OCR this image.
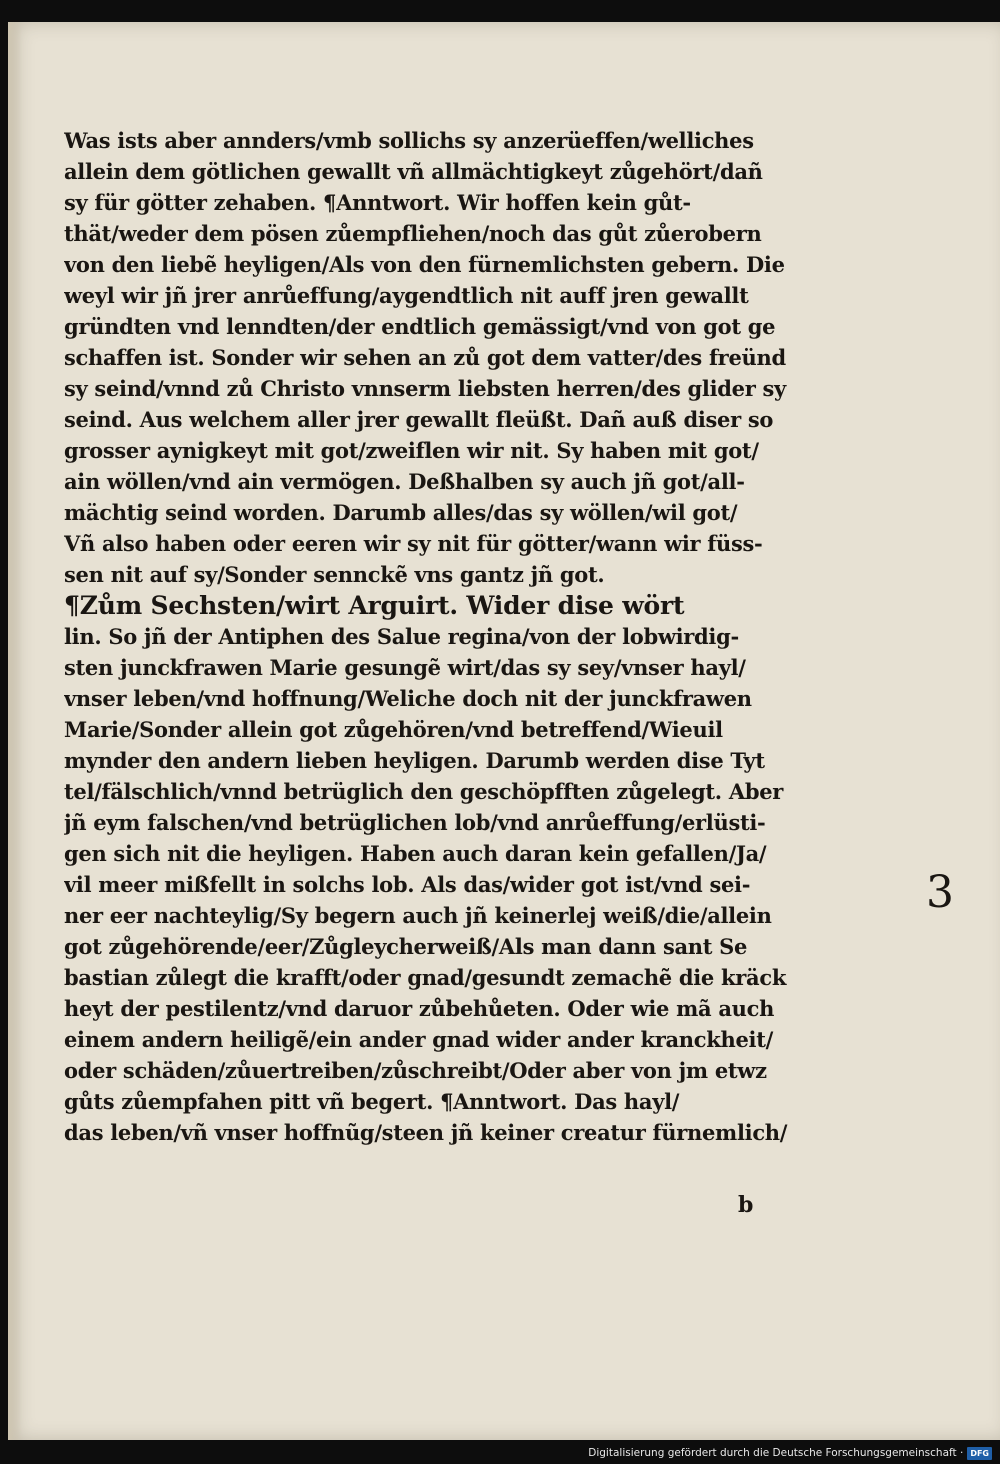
Was ists aber annders/vmb sollichs sy anzerüeffen/welliches
allein dem götlichen gewallt vñ allmächtigkeyt zůgehört/dañ
sy für götter zehaben. ¶Anntwort. Wir hoffen kein gůt-
thät/weder dem pösen zůempfliehen/noch das gůt zůerobern
von den liebẽ heyligen/Als von den fürnemlichsten gebern. Die
weyl wir jñ jrer anrůeffung/aygendtlich nit auff jren gewallt
gründten vnd lenndten/der endtlich gemässigt/vnd von got ge
schaffen ist. Sonder wir sehen an zů got dem vatter/des freünd
sy seind/vnnd zů Christo vnnserm liebsten herren/des glider sy
seind. Aus welchem aller jrer gewallt fleüßt. Dañ auß diser so
grosser aynigkeyt mit got/zweiflen wir nit. Sy haben mit got/
ain wöllen/vnd ain vermögen. Deßhalben sy auch jñ got/all-
mächtig seind worden. Darumb alles/das sy wöllen/wil got/
Vñ also haben oder eeren wir sy nit für götter/wann wir füss-
sen nit auf sy/Sonder sennckẽ vns gantz jñ got.
¶Zům Sechsten/wirt Arguirt. Wider dise wört
lin. So jñ der Antiphen des Salue regina/von der lobwirdig-
sten junckfrawen Marie gesungẽ wirt/das sy sey/vnser hayl/
vnser leben/vnd hoffnung/Weliche doch nit der junckfrawen
Marie/Sonder allein got zůgehören/vnd betreffend/Wieuil
mynder den andern lieben heyligen. Darumb werden dise Tyt
tel/fälschlich/vnnd betrüglich den geschöpfften zůgelegt. Aber
jñ eym falschen/vnd betrüglichen lob/vnd anrůeffung/erlüsti-
gen sich nit die heyligen. Haben auch daran kein gefallen/Ja/
vil meer mißfellt in solchs lob. Als das/wider got ist/vnd sei-
ner eer nachteylig/Sy begern auch jñ keinerlej weiß/die/allein
got zůgehörende/eer/Zůgleycherweiß/Als man dann sant Se
bastian zůlegt die krafft/oder gnad/gesundt zemachẽ die kräck
heyt der pestilentz/vnd daruor zůbehůeten. Oder wie mã auch
einem andern heiligẽ/ein ander gnad wider ander kranckheit/
oder schäden/zůuertreiben/zůschreibt/Oder aber von jm etwz
gůts zůempfahen pitt vñ begert. ¶Anntwort. Das hayl/
das leben/vñ vnser hoffnũg/steen jñ keiner creatur fürnemlich/
3
b
Digitalisierung gefördert durch die Deutsche Forschungsgemeinschaft · DFG
